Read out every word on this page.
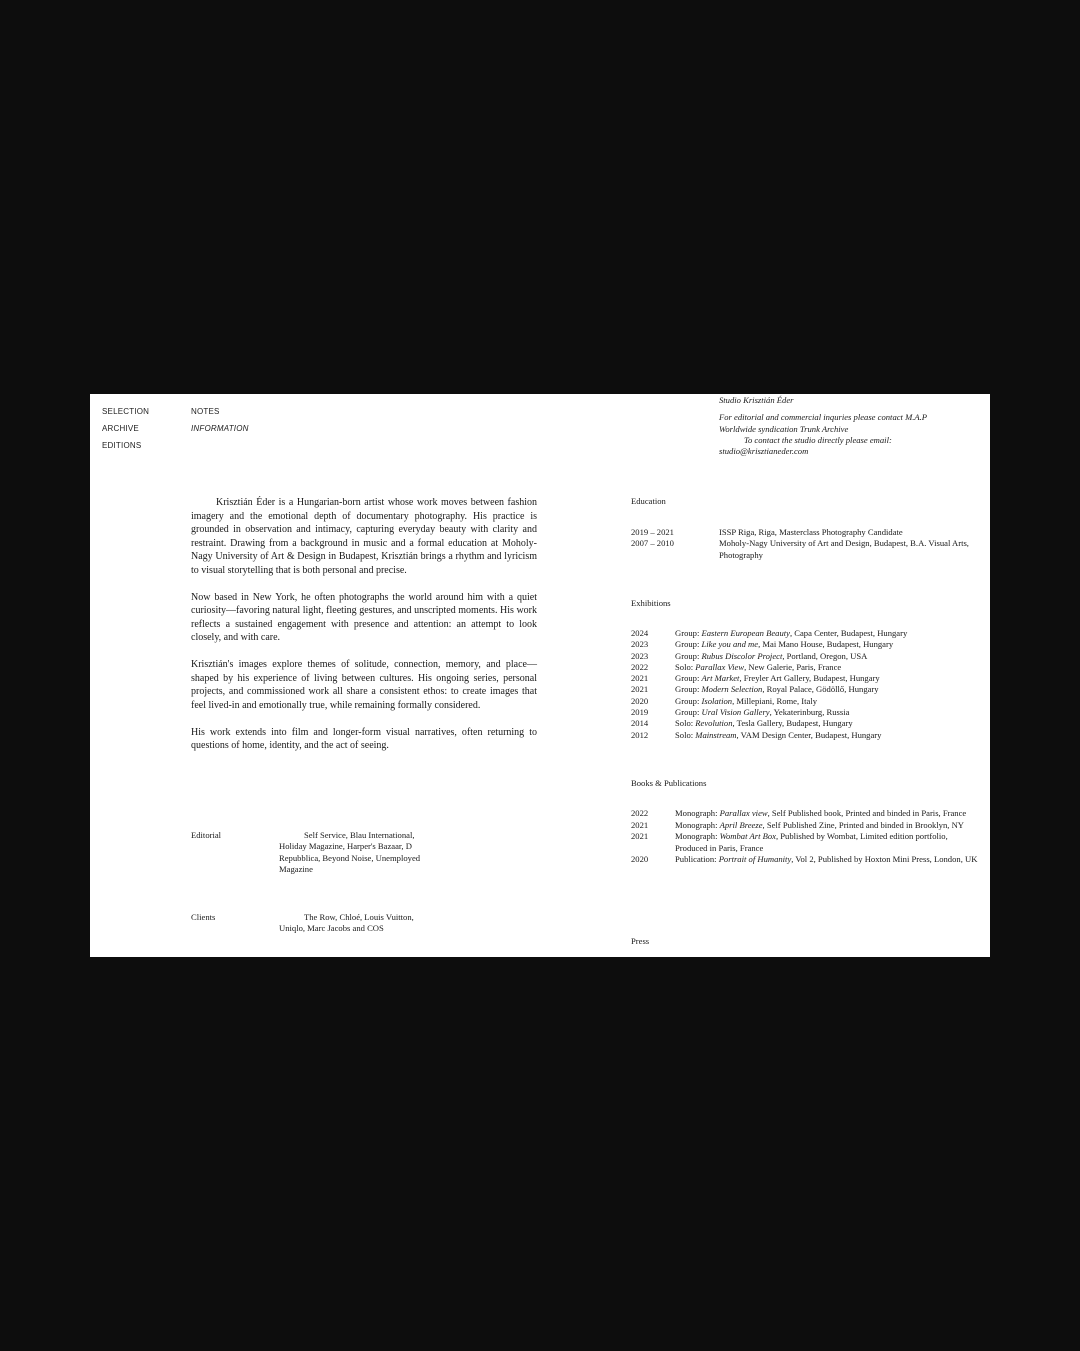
SELECTION
ARCHIVE
EDITIONS
NOTES
INFORMATION
Studio Krisztián Éder
For editorial and commercial inquries please contact M.A.P
Worldwide syndication Trunk Archive
To contact the studio directly please email:
studio@krisztianeder.com

Krisztián Éder is a Hungarian-born artist whose work moves between fashion imagery and the emotional depth of documentary photography. His practice is grounded in observation and intimacy, capturing everyday beauty with clarity and restraint. Drawing from a background in music and a formal education at Moholy-Nagy University of Art & Design in Budapest, Krisztián brings a rhythm and lyricism to visual storytelling that is both personal and precise.

Now based in New York, he often photographs the world around him with a quiet curiosity—favoring natural light, fleeting gestures, and unscripted moments. His work reflects a sustained engagement with presence and attention: an attempt to look closely, and with care.

Krisztián's images explore themes of solitude, connection, memory, and place—shaped by his experience of living between cultures. His ongoing series, personal projects, and commissioned work all share a consistent ethos: to create images that feel lived-in and emotionally true, while remaining formally considered.

His work extends into film and longer-form visual narratives, often returning to questions of home, identity, and the act of seeing.

Editorial	Self Service, Blau International, Holiday Magazine, Harper's Bazaar, D Repubblica, Beyond Noise, Unemployed Magazine
Clients	The Row, Chloé, Louis Vuitton, Uniqlo, Marc Jacobs and COS
Education
2019 – 2021	ISSP Riga, Riga, Masterclass Photography Candidate
2007 – 2010	Moholy-Nagy University of Art and Design, Budapest, B.A. Visual Arts, Photography
Exhibitions
2024	Group: Eastern European Beauty, Capa Center, Budapest, Hungary
2023	Group: Like you and me, Mai Mano House, Budapest, Hungary
2023	Group: Rubus Discolor Project, Portland, Oregon, USA
2022	Solo: Parallax View, New Galerie, Paris, France
2021	Group: Art Market, Freyler Art Gallery, Budapest, Hungary
2021	Group: Modern Selection, Royal Palace, Gödöllő, Hungary
2020	Group: Isolation, Millepiani, Rome, Italy
2019	Group: Ural Vision Gallery, Yekaterinburg, Russia
2014	Solo: Revolution, Tesla Gallery, Budapest, Hungary
2012	Solo: Mainstream, VAM Design Center, Budapest, Hungary
Books & Publications
2022	Monograph: Parallax view, Self Published book, Printed and binded in Paris, France
2021	Monograph: April Breeze, Self Published Zine, Printed and binded in Brooklyn, NY
2021	Monograph: Wombat Art Box, Published by Wombat, Limited edition portfolio, Produced in Paris, France
2020	Publication: Portrait of Humanity, Vol 2, Published by Hoxton Mini Press, London, UK
Press
